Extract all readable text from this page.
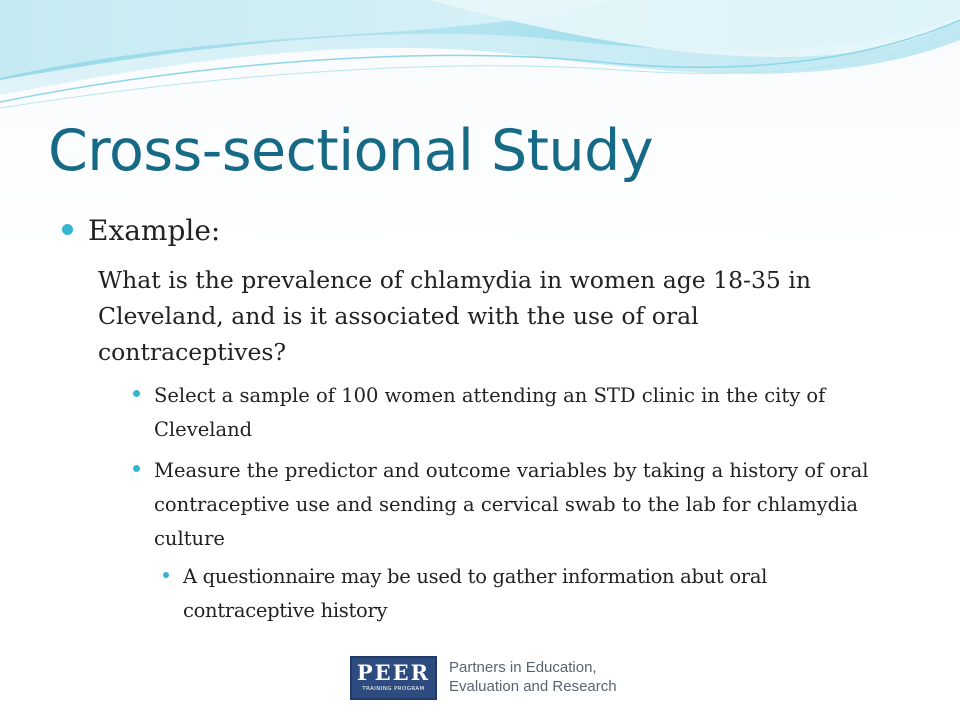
Cross-sectional Study
Example:

What is the prevalence of chlamydia in women age 18-35 in Cleveland, and is it associated with the use of oral contraceptives?

Select a sample of 100 women attending an STD clinic in the city of Cleveland

Measure the predictor and outcome variables by taking a history of oral contraceptive use and sending a cervical swab to the lab for chlamydia culture

A questionnaire may be used to gather information abut oral contraceptive history

PEER
TRAINING PROGRAM
Partners in Education,
Evaluation and Research
